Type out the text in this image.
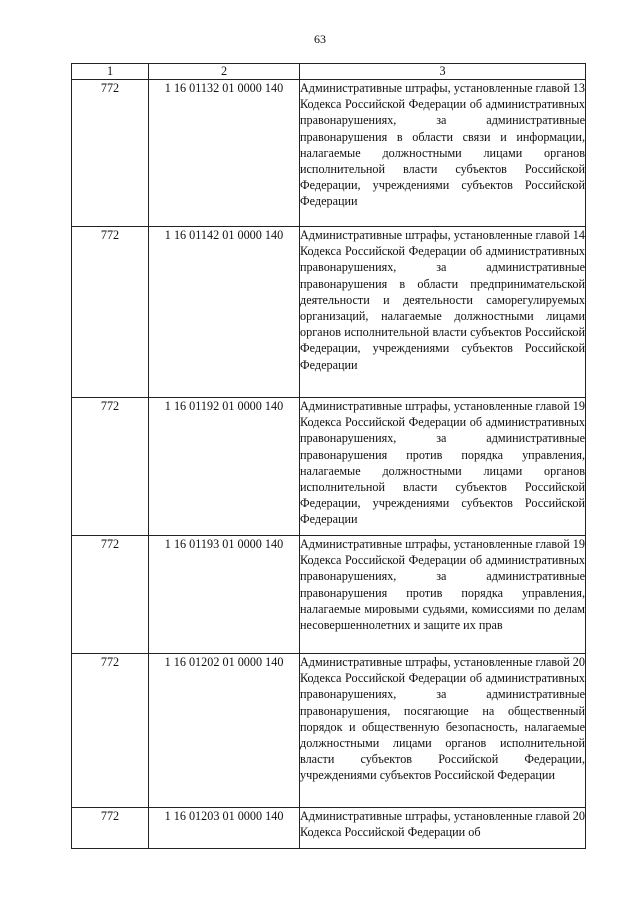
63
1	2	3
772	1 16 01132 01 0000 140	Административные штрафы, установленные главой 13 Кодекса Российской Федерации об административных правонарушениях, за административные правонарушения в области связи и информации, налагаемые должностными лицами органов исполнительной власти субъектов Российской Федерации, учреждениями субъектов Российской Федерации
772	1 16 01142 01 0000 140	Административные штрафы, установленные главой 14 Кодекса Российской Федерации об административных правонарушениях, за административные правонарушения в области предпринимательской деятельности и деятельности саморегулируемых организаций, налагаемые должностными лицами органов исполнительной власти субъектов Российской Федерации, учреждениями субъектов Российской Федерации
772	1 16 01192 01 0000 140	Административные штрафы, установленные главой 19 Кодекса Российской Федерации об административных правонарушениях, за административные правонарушения против порядка управления, налагаемые должностными лицами органов исполнительной власти субъектов Российской Федерации, учреждениями субъектов Российской Федерации
772	1 16 01193 01 0000 140	Административные штрафы, установленные главой 19 Кодекса Российской Федерации об административных правонарушениях, за административные правонарушения против порядка управления, налагаемые мировыми судьями, комиссиями по делам несовершеннолетних и защите их прав
772	1 16 01202 01 0000 140	Административные штрафы, установленные главой 20 Кодекса Российской Федерации об административных правонарушениях, за административные правонарушения, посягающие на общественный порядок и общественную безопасность, налагаемые должностными лицами органов исполнительной власти субъектов Российской Федерации, учреждениями субъектов Российской Федерации
772	1 16 01203 01 0000 140	Административные штрафы, установленные главой 20 Кодекса Российской Федерации об
